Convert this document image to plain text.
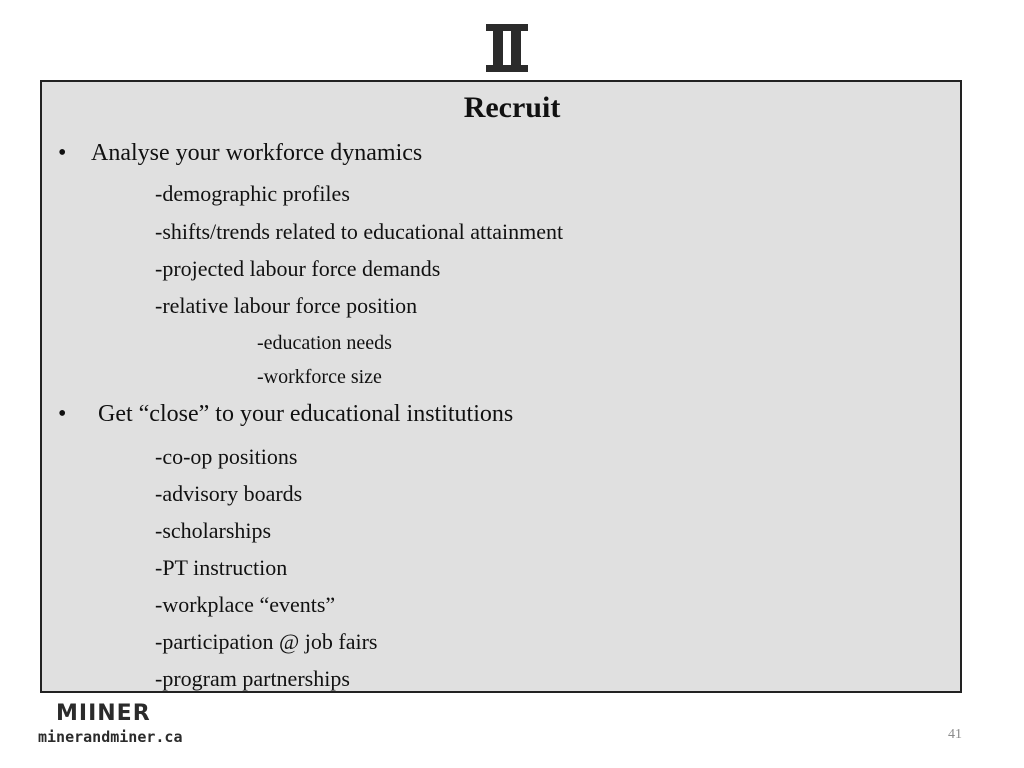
Recruit
• Analyse your workforce dynamics
-demographic profiles
-shifts/trends related to educational attainment
-projected labour force demands
-relative labour force position
-education needs
-workforce size
• Get “close” to your educational institutions
-co-op positions
-advisory boards
-scholarships
-PT instruction
-workplace “events”
-participation @ job fairs
-program partnerships
MIINER
minerandminer.ca	41
